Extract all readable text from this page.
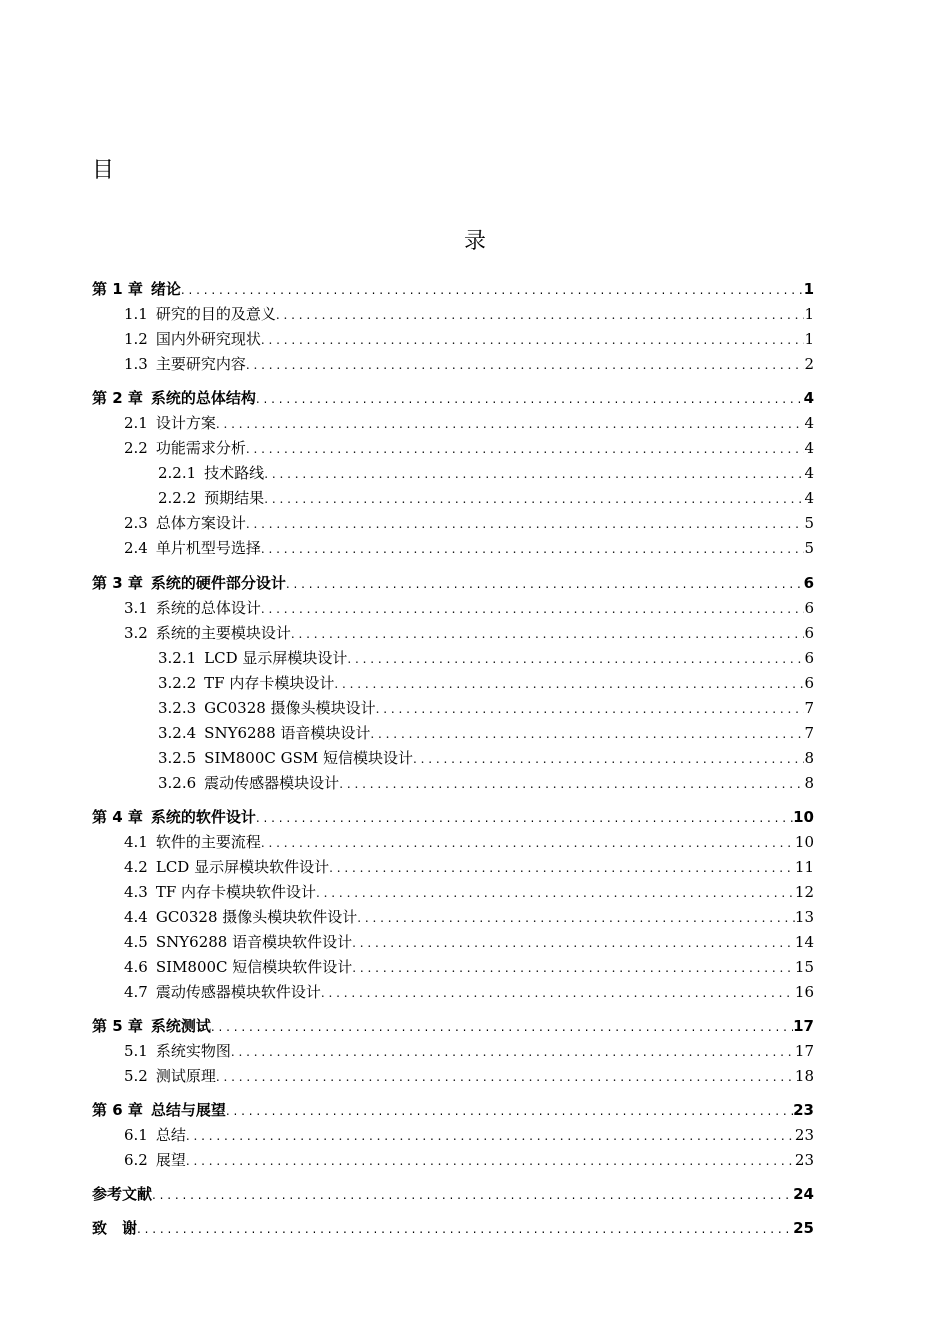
目
录
第 1 章 绪论 . . .	1
1.1 研究的目的及意义 . . .	1
1.2 国内外研究现状 . . .	1
1.3 主要研究内容 . . .	2
第 2 章 系统的总体结构 . . .	4
2.1 设计方案 . . .	4
2.2 功能需求分析 . . .	4
2.2.1 技术路线 . . .	4
2.2.2 预期结果 . . .	4
2.3 总体方案设计 . . .	5
2.4 单片机型号选择 . . .	5
第 3 章 系统的硬件部分设计 . . .	6
3.1 系统的总体设计 . . .	6
3.2 系统的主要模块设计 . . .	6
3.2.1 LCD 显示屏模块设计 . . .	6
3.2.2 TF 内存卡模块设计 . . .	6
3.2.3 GC0328 摄像头模块设计 . . .	7
3.2.4 SNY6288 语音模块设计 . . .	7
3.2.5 SIM800C GSM 短信模块设计 . . .	8
3.2.6 震动传感器模块设计 . . .	8
第 4 章 系统的软件设计 . . .	10
4.1 软件的主要流程 . . .	10
4.2 LCD 显示屏模块软件设计 . . .	11
4.3 TF 内存卡模块软件设计 . . .	12
4.4 GC0328 摄像头模块软件设计 . . .	13
4.5 SNY6288 语音模块软件设计 . . .	14
4.6 SIM800C 短信模块软件设计 . . .	15
4.7 震动传感器模块软件设计 . . .	16
第 5 章 系统测试 . . .	17
5.1 系统实物图 . . .	17
5.2 测试原理 . . .	18
第 6 章 总结与展望 . . .	23
6.1 总结 . . .	23
6.2 展望 . . .	23
参考文献 . . .	24
致　谢 . . .	25
